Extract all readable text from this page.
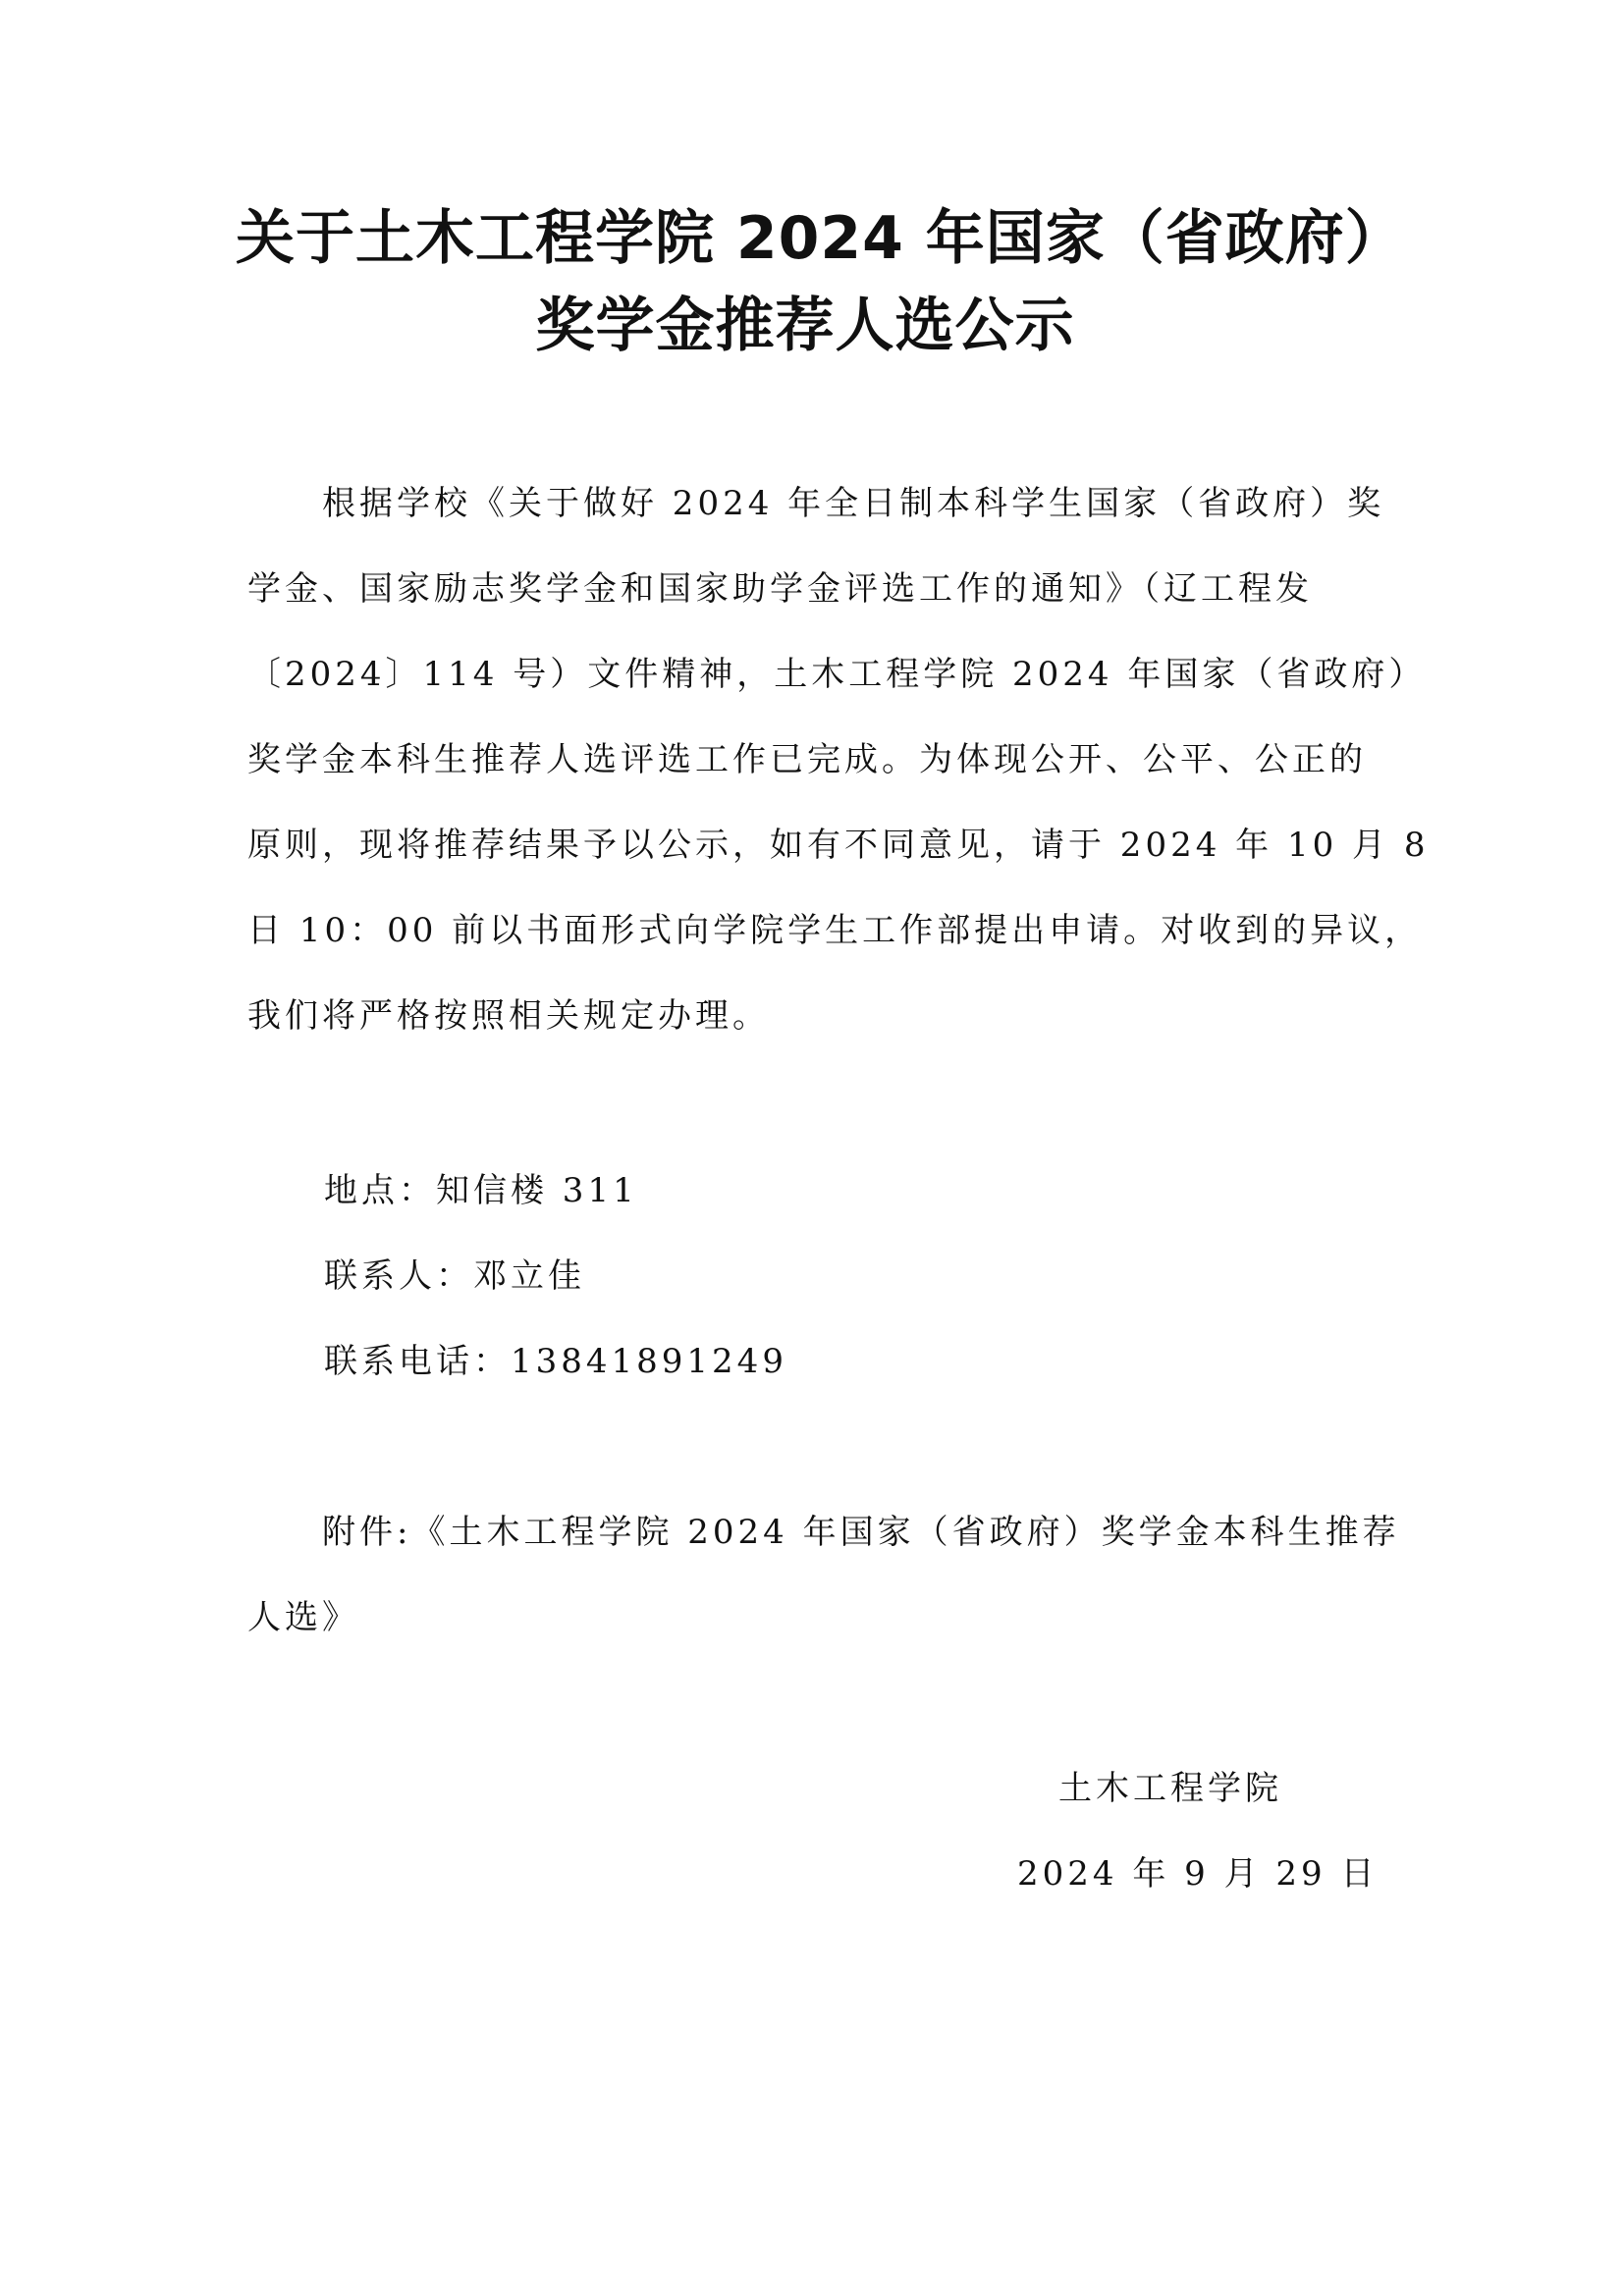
关于土木工程学院 2024 年国家（省政府）
奖学金推荐人选公示
　　根据学校《关于做好 2024 年全日制本科学生国家（省政府）奖
学金、国家励志奖学金和国家助学金评选工作的通知》（辽工程发
〔2024〕114 号）文件精神，土木工程学院 2024 年国家（省政府）
奖学金本科生推荐人选评选工作已完成。为体现公开、公平、公正的
原则，现将推荐结果予以公示，如有不同意见，请于 2024 年 10 月 8
日 10：00 前以书面形式向学院学生工作部提出申请。对收到的异议，
我们将严格按照相关规定办理。
地点：知信楼 311
联系人：邓立佳
联系电话：13841891249
　　附件:《土木工程学院 2024 年国家（省政府）奖学金本科生推荐
人选》
土木工程学院
2024 年 9 月 29 日
